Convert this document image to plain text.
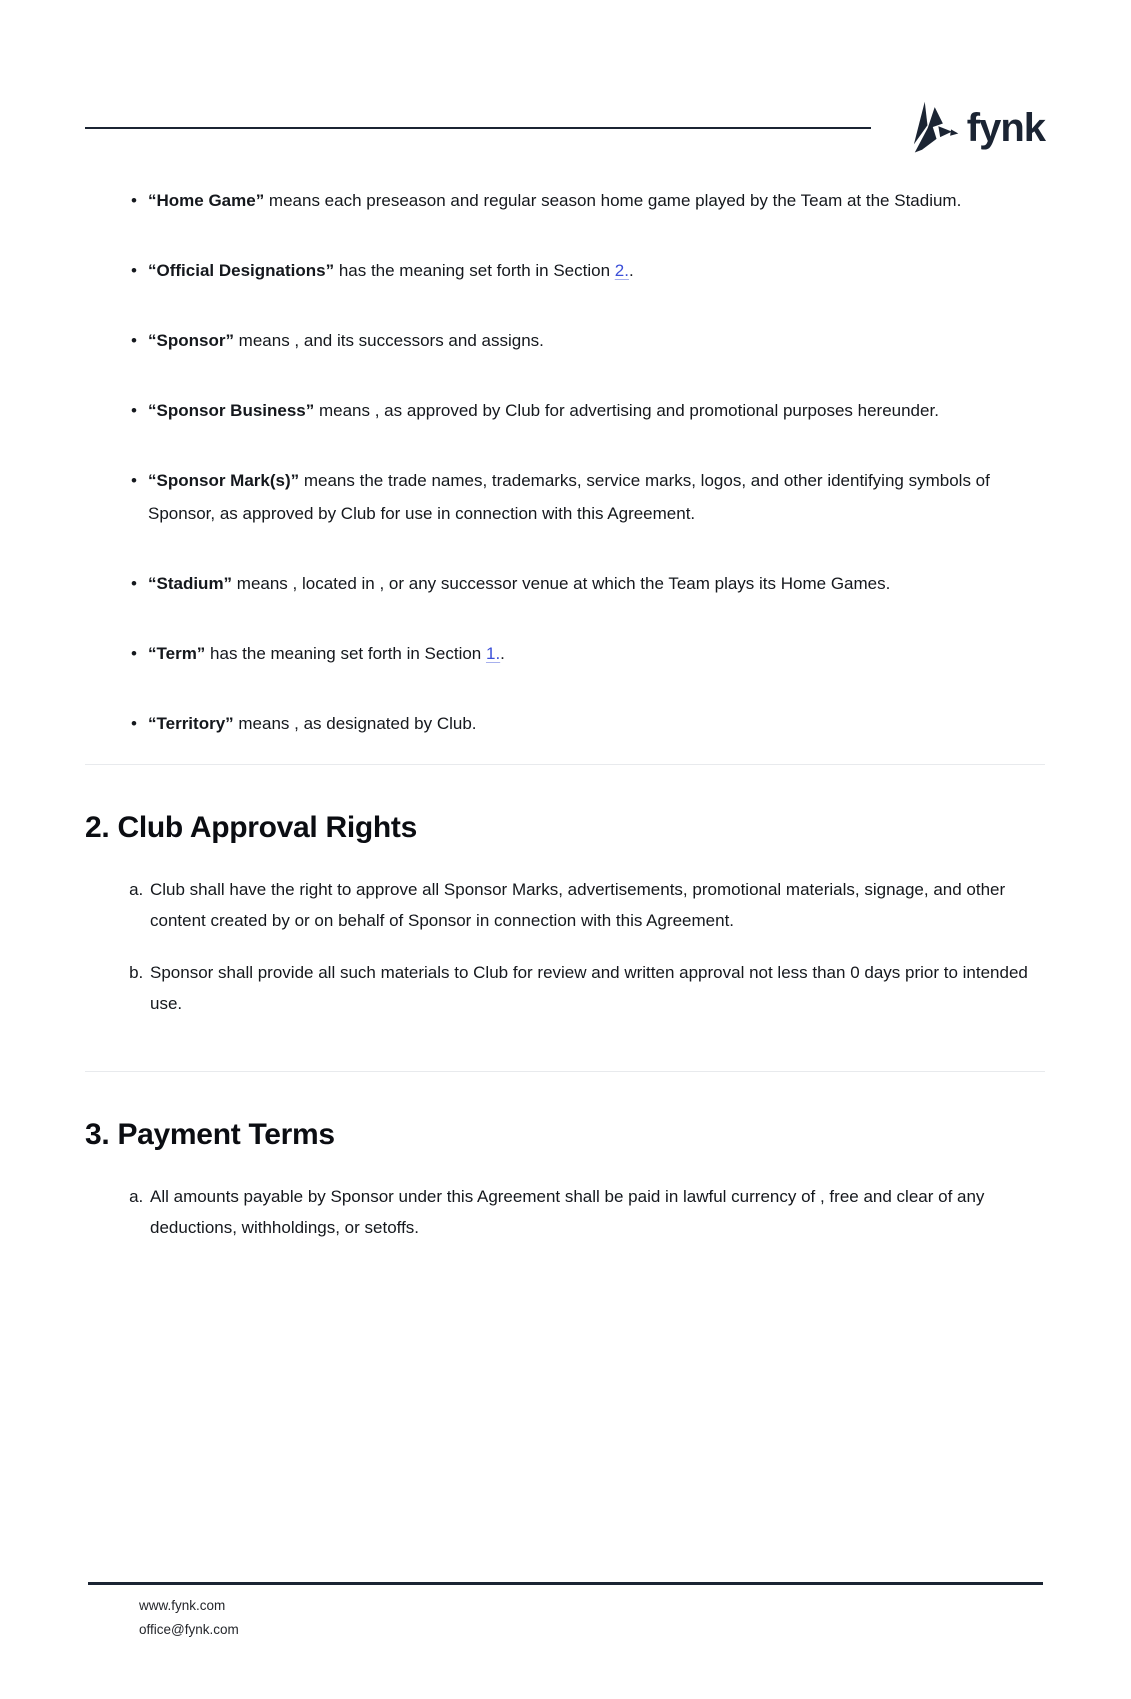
fynk
• “Home Game” means each preseason and regular season home game played by the Team at the Stadium.
• “Official Designations” has the meaning set forth in Section 2..
• “Sponsor” means , and its successors and assigns.
• “Sponsor Business” means , as approved by Club for advertising and promotional purposes hereunder.
• “Sponsor Mark(s)” means the trade names, trademarks, service marks, logos, and other identifying symbols of Sponsor, as approved by Club for use in connection with this Agreement.
• “Stadium” means , located in , or any successor venue at which the Team plays its Home Games.
• “Term” has the meaning set forth in Section 1..
• “Territory” means , as designated by Club.
2. Club Approval Rights
a. Club shall have the right to approve all Sponsor Marks, advertisements, promotional materials, signage, and other content created by or on behalf of Sponsor in connection with this Agreement.
b. Sponsor shall provide all such materials to Club for review and written approval not less than 0 days prior to intended use.
3. Payment Terms
a. All amounts payable by Sponsor under this Agreement shall be paid in lawful currency of , free and clear of any deductions, withholdings, or setoffs.
www.fynk.com
office@fynk.com
